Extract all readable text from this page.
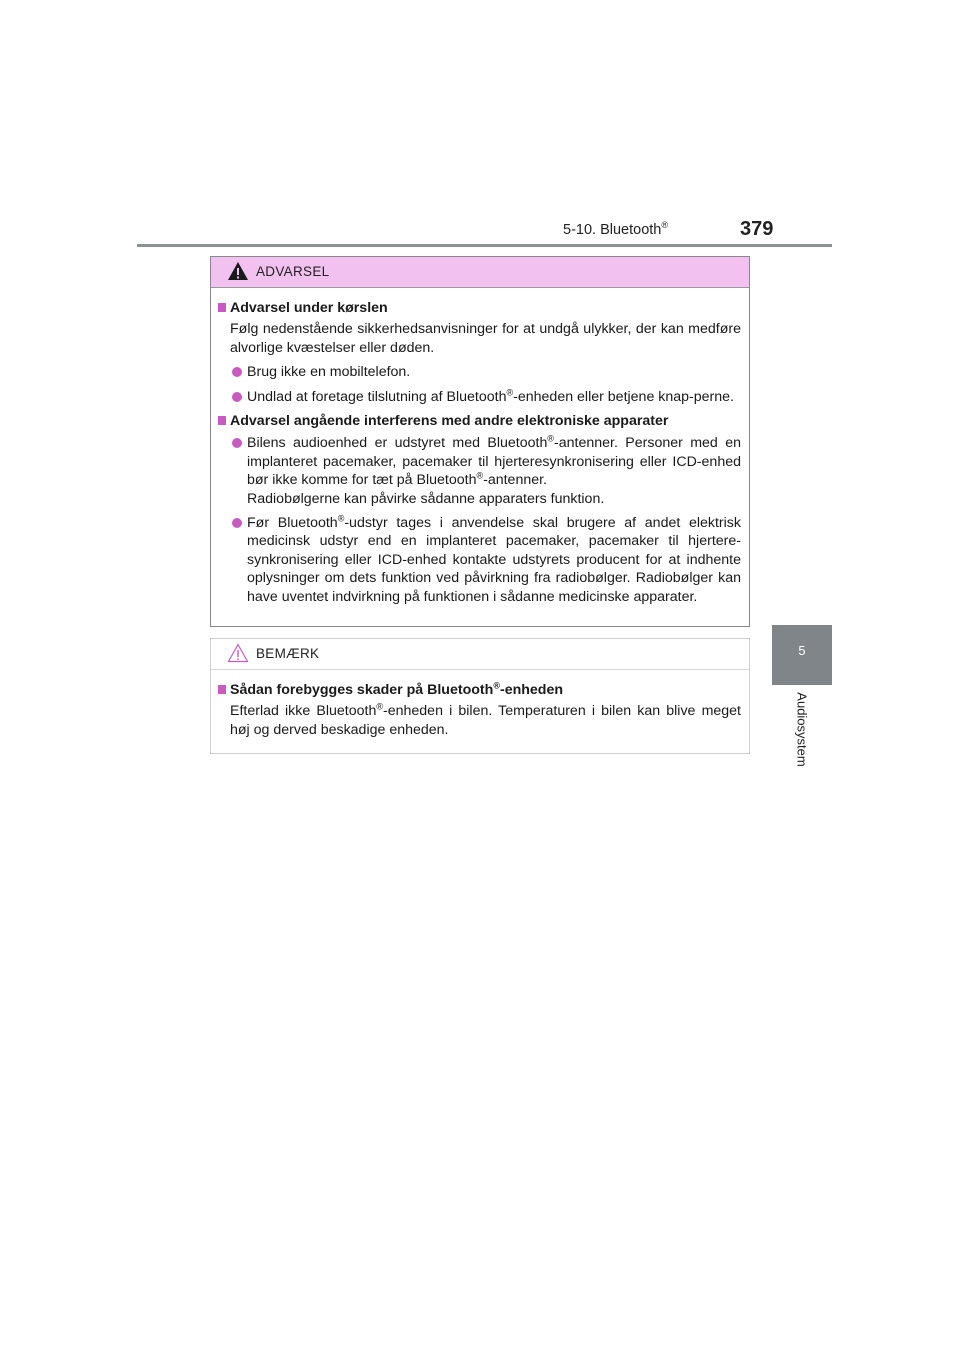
5-10. Bluetooth®	379
5
Audiosystem
ADVARSEL
Advarsel under kørslen
Følg nedenstående sikkerhedsanvisninger for at undgå ulykker, der kan medføre alvorlige kvæstelser eller døden.
Brug ikke en mobiltelefon.
Undlad at foretage tilslutning af Bluetooth®-enheden eller betjene knap-perne.
Advarsel angående interferens med andre elektroniske apparater
Bilens audioenhed er udstyret med Bluetooth®-antenner. Personer med en implanteret pacemaker, pacemaker til hjerteresynkronisering eller ICD-enhed bør ikke komme for tæt på Bluetooth®-antenner.
Radiobølgerne kan påvirke sådanne apparaters funktion.
Før Bluetooth®-udstyr tages i anvendelse skal brugere af andet elektrisk medicinsk udstyr end en implanteret pacemaker, pacemaker til hjertere-synkronisering eller ICD-enhed kontakte udstyrets producent for at indhente oplysninger om dets funktion ved påvirkning fra radiobølger. Radiobølger kan have uventet indvirkning på funktionen i sådanne medicinske apparater.
BEMÆRK
Sådan forebygges skader på Bluetooth®-enheden
Efterlad ikke Bluetooth®-enheden i bilen. Temperaturen i bilen kan blive meget høj og derved beskadige enheden.
